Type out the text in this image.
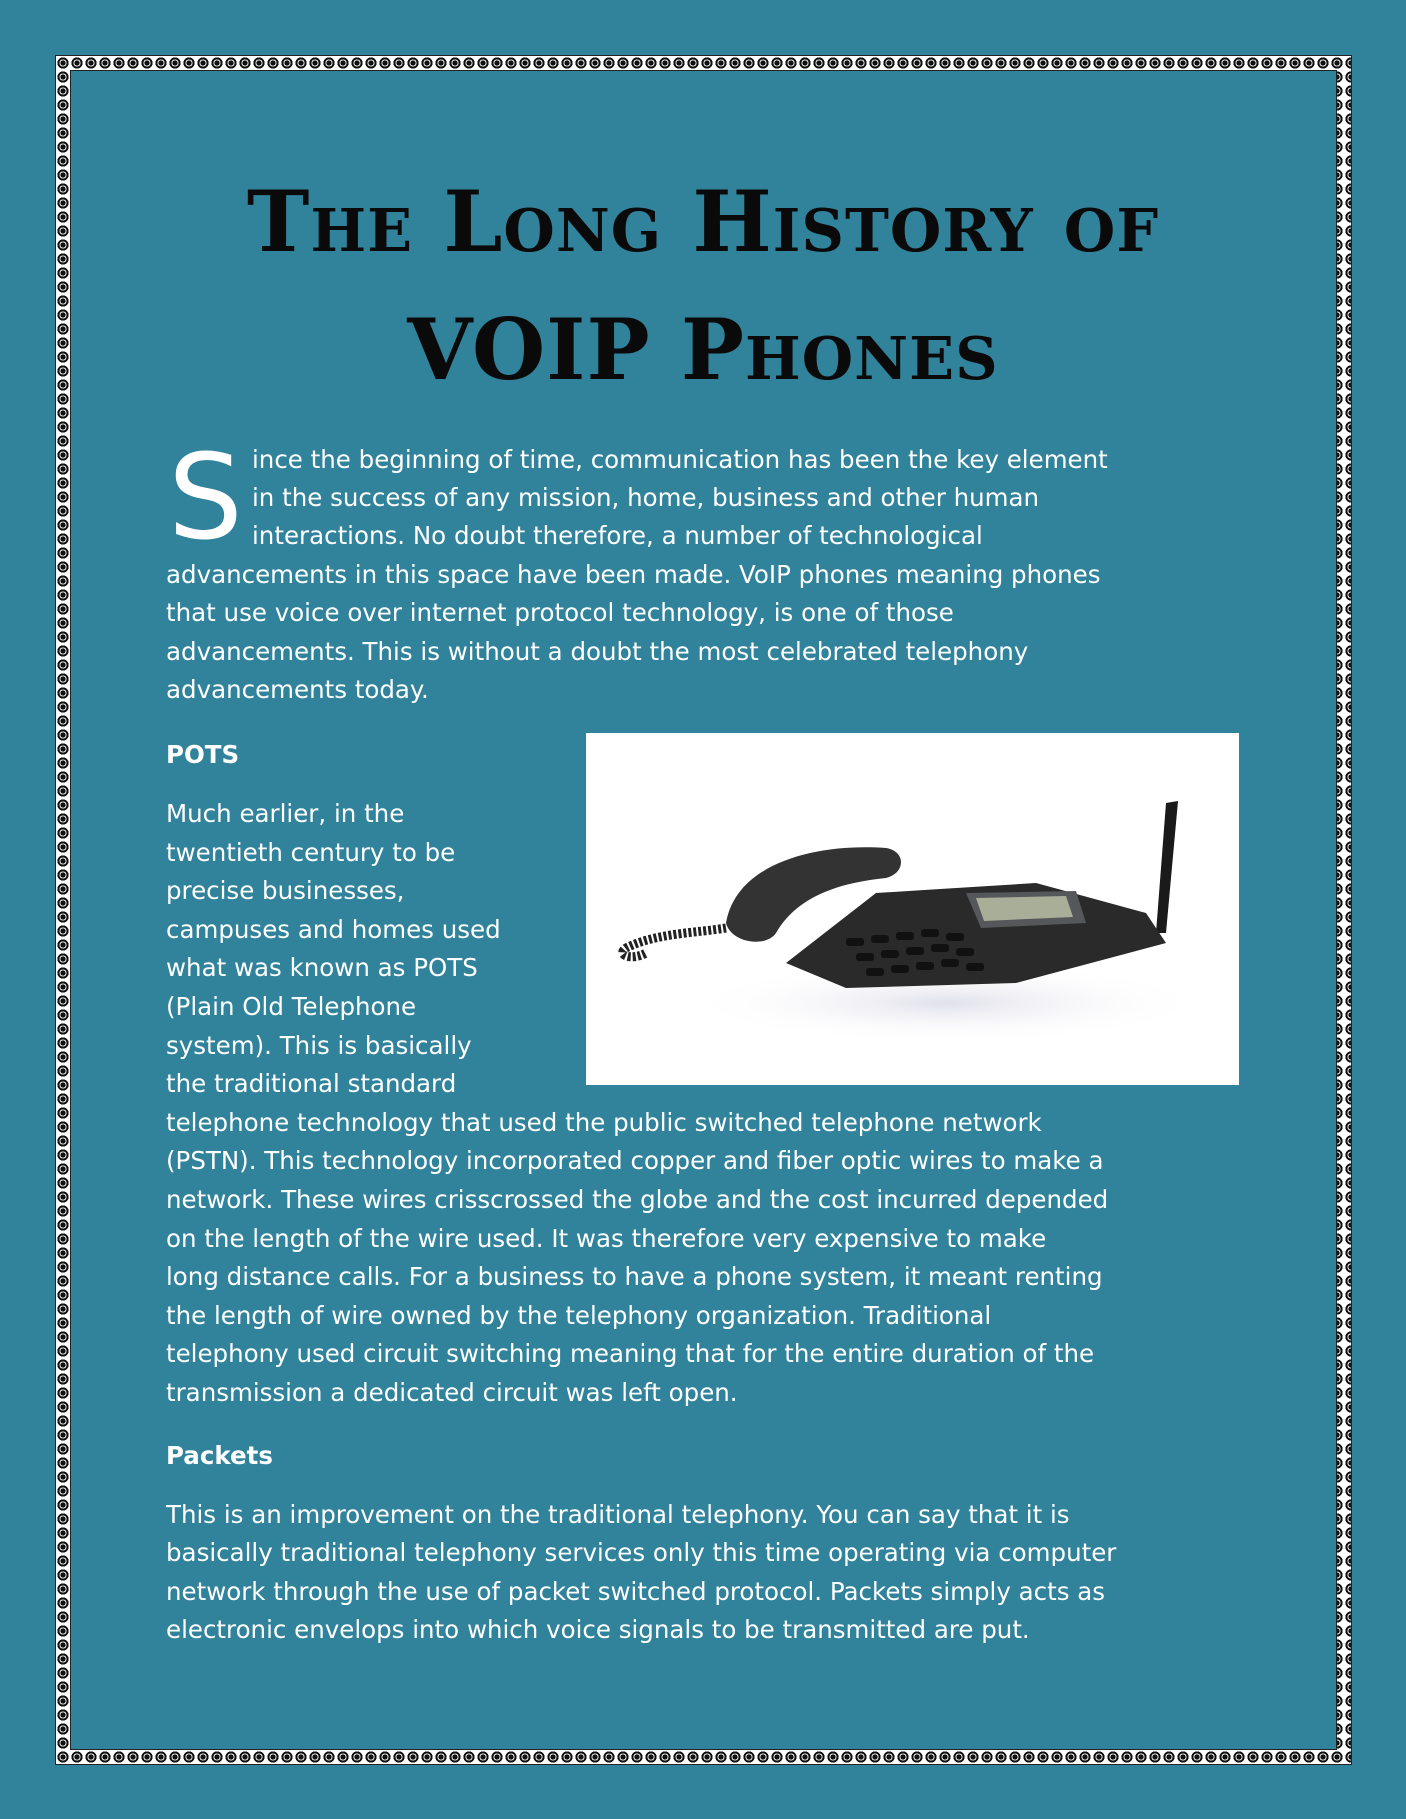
The Long History of
VOIP Phones
S ince the beginning of time, communication has been the key element
in the success of any mission, home, business and other human
interactions. No doubt therefore, a number of technological
advancements in this space have been made. VoIP phones meaning phones
that use voice over internet protocol technology, is one of those
advancements. This is without a doubt the most celebrated telephony
advancements today.
POTS
Much earlier, in the
twentieth century to be
precise businesses,
campuses and homes used
what was known as POTS
(Plain Old Telephone
system). This is basically
the traditional standard
telephone technology that used the public switched telephone network
(PSTN). This technology incorporated copper and fiber optic wires to make a
network. These wires crisscrossed the globe and the cost incurred depended
on the length of the wire used. It was therefore very expensive to make
long distance calls. For a business to have a phone system, it meant renting
the length of wire owned by the telephony organization. Traditional
telephony used circuit switching meaning that for the entire duration of the
transmission a dedicated circuit was left open.
Packets
This is an improvement on the traditional telephony. You can say that it is
basically traditional telephony services only this time operating via computer
network through the use of packet switched protocol. Packets simply acts as
electronic envelops into which voice signals to be transmitted are put.
